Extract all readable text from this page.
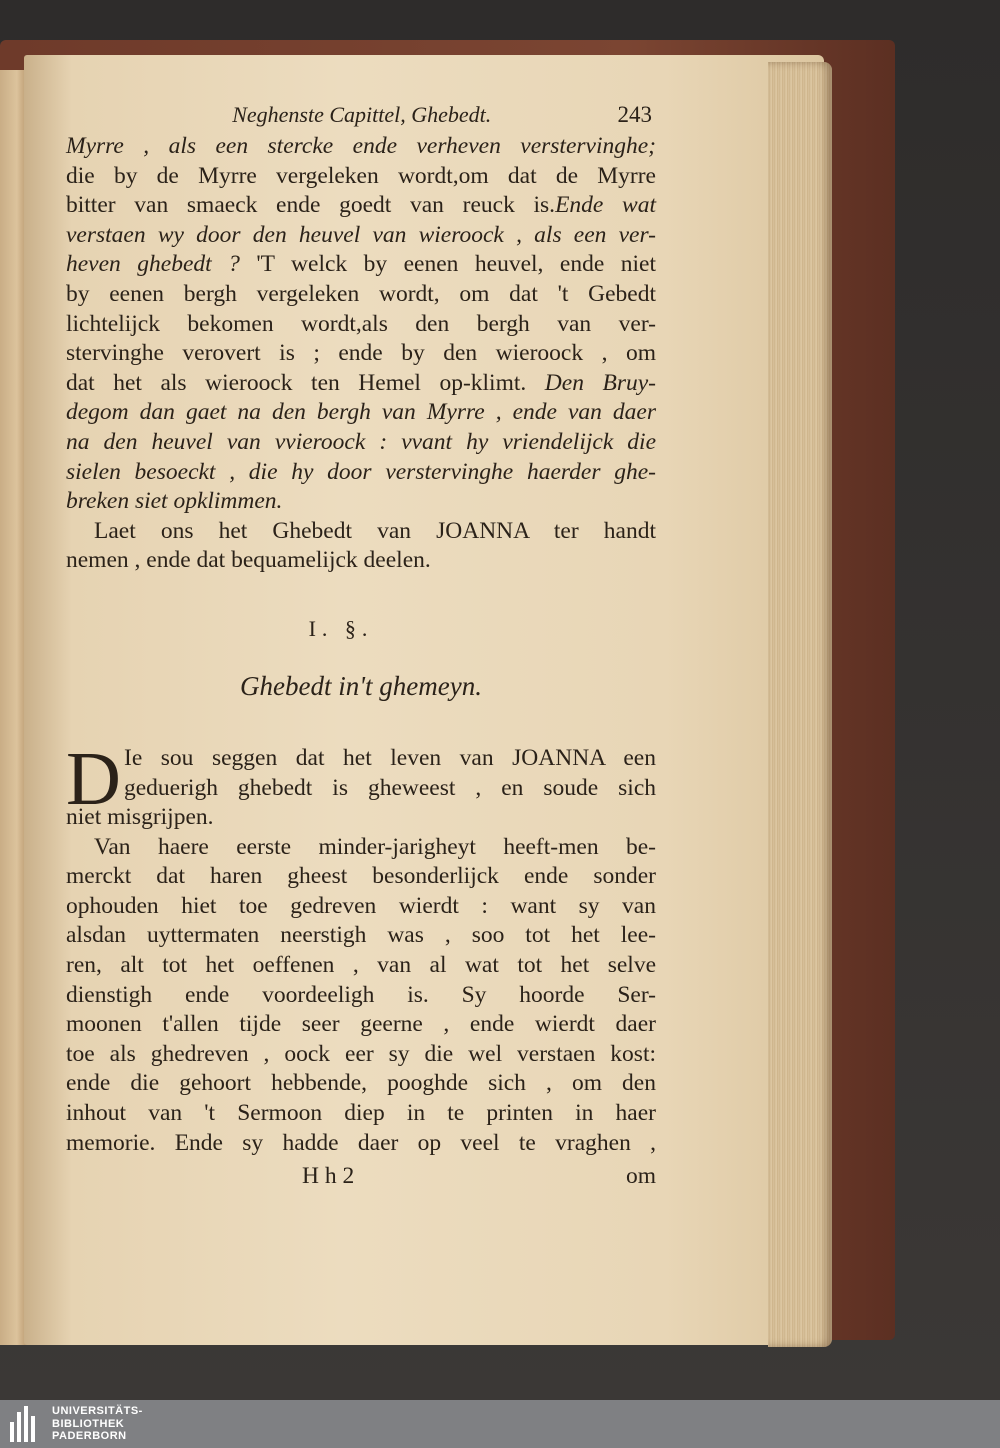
Neghenste Capittel, Ghebedt.	243
Myrre , als een stercke ende verheven verstervinghe;
die by de Myrre vergeleken wordt,om dat de Myrre
bitter van smaeck ende goedt van reuck is.Ende wat
verstaen wy door den heuvel van wieroock , als een ver-
heven ghebedt ? 'T welck by eenen heuvel, ende niet
by eenen bergh vergeleken wordt, om dat 't Gebedt
lichtelijck bekomen wordt,als den bergh van ver-
stervinghe verovert is ; ende by den wieroock , om
dat het als wieroock ten Hemel op-klimt. Den Bruy-
degom dan gaet na den bergh van Myrre , ende van daer
na den heuvel van vvieroock : vvant hy vriendelijck die
sielen besoeckt , die hy door verstervinghe haerder ghe-
breken siet opklimmen.
Laet ons het Ghebedt van JOANNA ter handt
nemen , ende dat bequamelijck deelen.
I. §.
Ghebedt in't ghemeyn.
D Ie sou seggen dat het leven van JOANNA een
geduerigh ghebedt is gheweest , en soude sich
niet misgrijpen.
Van haere eerste minder-jarigheyt heeft-men be-
merckt dat haren gheest besonderlijck ende sonder
ophouden hiet toe gedreven wierdt : want sy van
alsdan uyttermaten neerstigh was , soo tot het lee-
ren, alt tot het oeffenen , van al wat tot het selve
dienstigh ende voordeeligh is. Sy hoorde Ser-
moonen t'allen tijde seer geerne , ende wierdt daer
toe als ghedreven , oock eer sy die wel verstaen kost:
ende die gehoort hebbende, pooghde sich , om den
inhout van 't Sermoon diep in te printen in haer
memorie. Ende sy hadde daer op veel te vraghen ,
H h 2	om
UNIVERSITÄTS-
BIBLIOTHEK
PADERBORN
